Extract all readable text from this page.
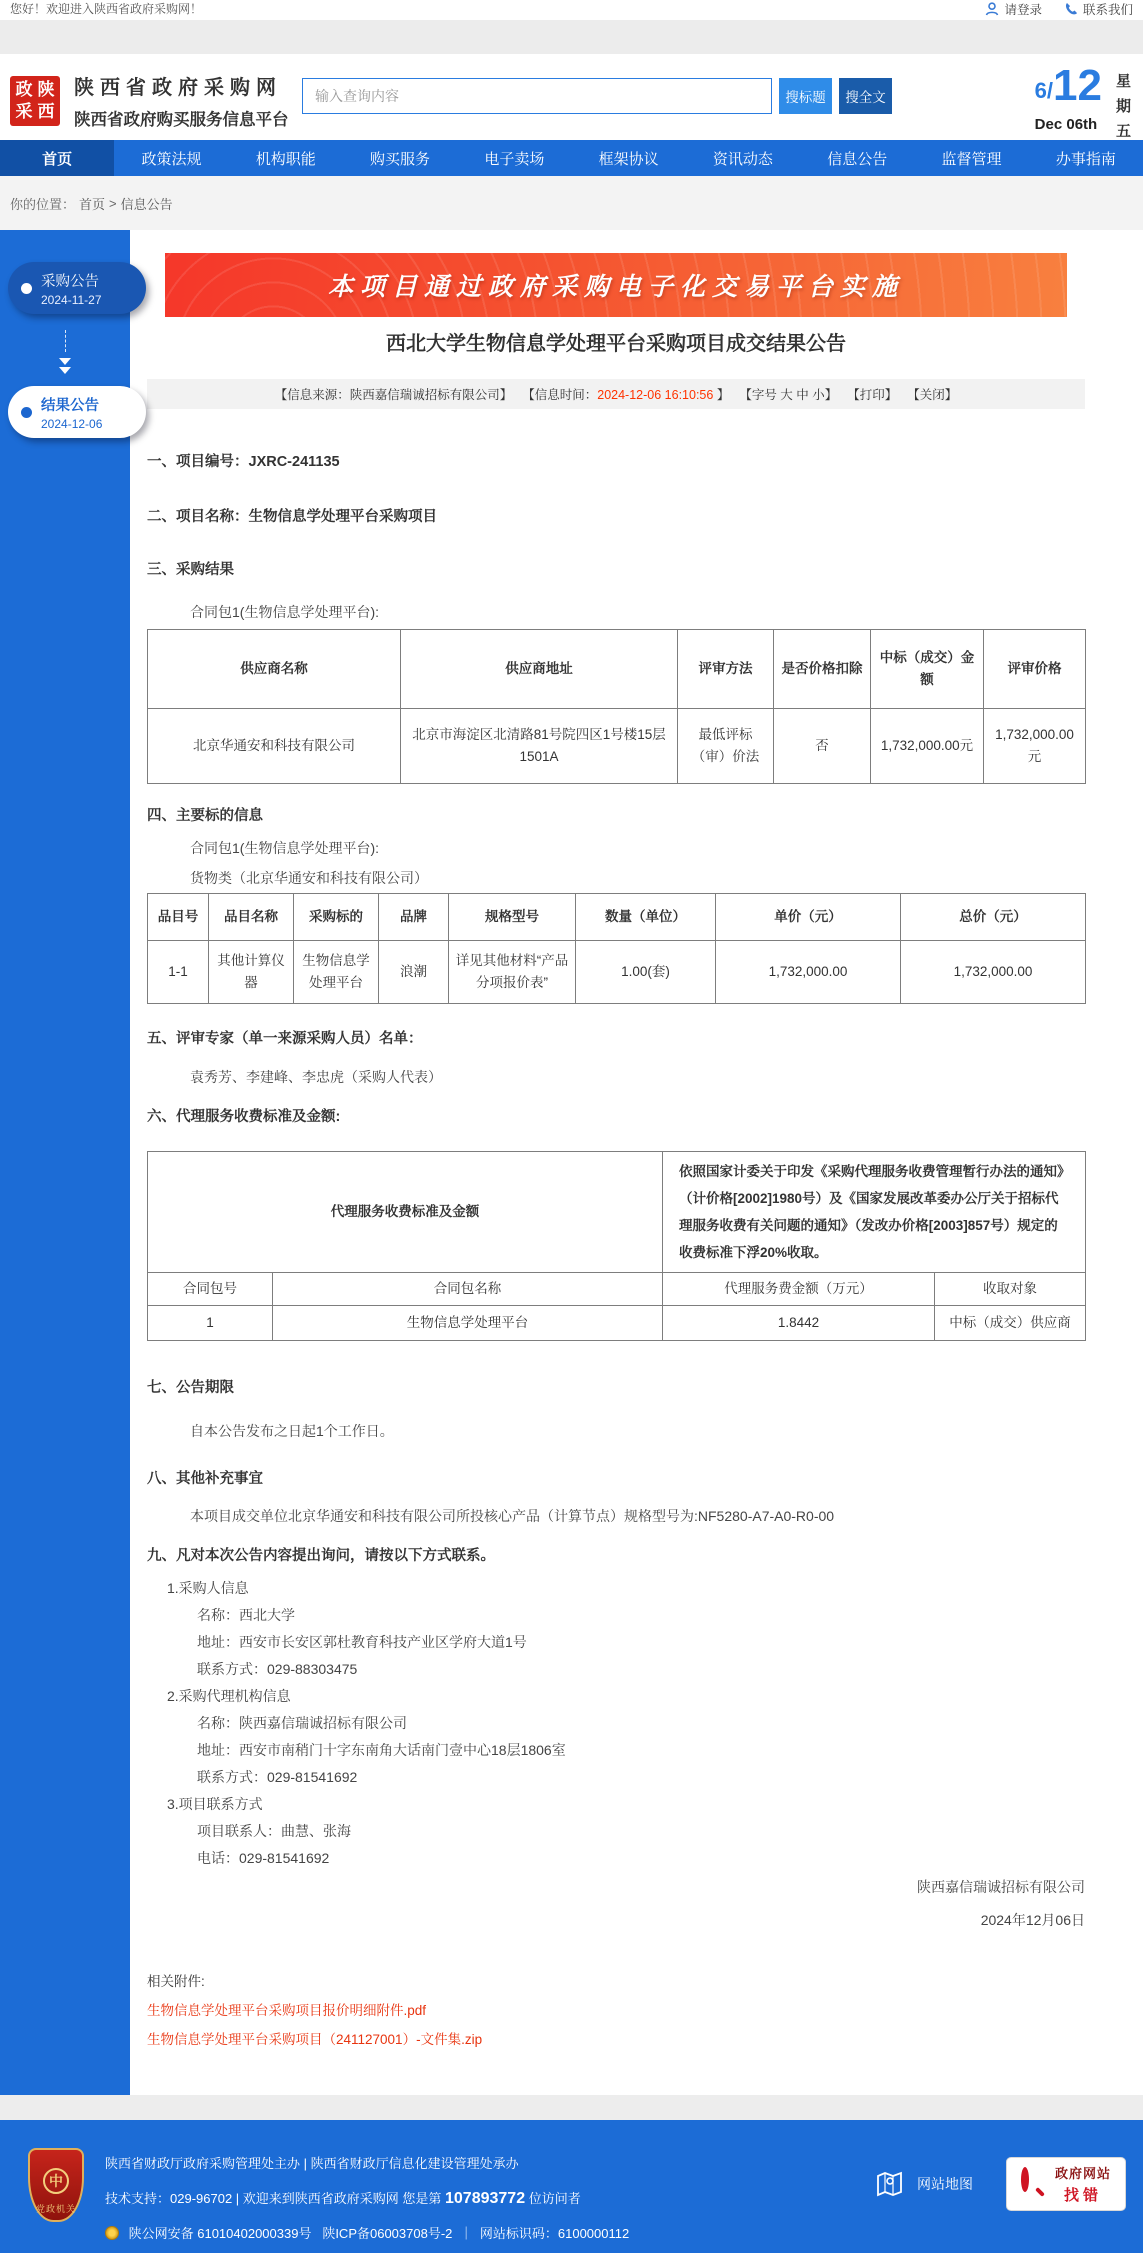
您好！欢迎进入陕西省政府采购网！	请登录	联系我们
政 陕
采 西
陕西省政府采购网
陕西省政府购买服务信息平台
输入查询内容
搜标题	搜全文	6/ 12
Dec 06th
星
期
五
首页	政策法规	机构职能	购买服务	电子卖场	框架协议	资讯动态	信息公告	监督管理	办事指南
你的位置： 首页 > 信息公告
采购公告
2024-11-27
结果公告
2024-12-06
本项目通过政府采购电子化交易平台实施
西北大学生物信息学处理平台采购项目成交结果公告
【信息来源：陕西嘉信瑞诚招标有限公司】 【信息时间：2024-12-06 16:10:56 】 【字号 大 中 小】 【打印】 【关闭】
一、项目编号：JXRC-241135
二、项目名称：生物信息学处理平台采购项目
三、采购结果
合同包1(生物信息学处理平台):
供应商名称	供应商地址	评审方法	是否价格扣除	中标（成交）金额	评审价格
北京华通安和科技有限公司	北京市海淀区北清路81号院四区1号楼15层1501A	最低评标（审）价法	否	1,732,000.00元	1,732,000.00元
四、主要标的信息
合同包1(生物信息学处理平台):
货物类（北京华通安和科技有限公司）
品目号	品目名称	采购标的	品牌	规格型号	数量（单位）	单价（元）	总价（元）
1-1	其他计算仪器	生物信息学处理平台	浪潮	详见其他材料“产品分项报价表”	1.00(套)	1,732,000.00	1,732,000.00
五、评审专家（单一来源采购人员）名单：
袁秀芳、李建峰、李忠虎（采购人代表）
六、代理服务收费标准及金额:
代理服务收费标准及金额		依照国家计委关于印发《采购代理服务收费管理暂行办法的通知》（计价格[2002]1980号）及《国家发展改革委办公厅关于招标代理服务收费有关问题的通知》（发改办价格[2003]857号）规定的收费标准下浮20%收取。	
合同包号	合同包名称	代理服务费金额（万元）	收取对象
1	生物信息学处理平台	1.8442	中标（成交）供应商
七、公告期限
自本公告发布之日起1个工作日。
八、其他补充事宜
本项目成交单位北京华通安和科技有限公司所投核心产品（计算节点）规格型号为:NF5280-A7-A0-R0-00
九、凡对本次公告内容提出询问，请按以下方式联系。
1.采购人信息
名称：西北大学
地址：西安市长安区郭杜教育科技产业区学府大道1号
联系方式：029-88303475
2.采购代理机构信息
名称：陕西嘉信瑞诚招标有限公司
地址：西安市南稍门十字东南角大话南门壹中心18层1806室
联系方式：029-81541692
3.项目联系方式
项目联系人：曲慧、张海
电话：029-81541692
陕西嘉信瑞诚招标有限公司
2024年12月06日
相关附件:
生物信息学处理平台采购项目报价明细附件.pdf
生物信息学处理平台采购项目（241127001）-文件集.zip
中
党政机关
陕西省财政厅政府采购管理处主办 | 陕西省财政厅信息化建设管理处承办
技术支持：029-96702 | 欢迎来到陕西省政府采购网 您是第 107893772 位访问者
陕公网安备 61010402000339号 陕ICP备06003708号-2 ｜ 网站标识码：6100000112
网站地图
政府网站
找错
